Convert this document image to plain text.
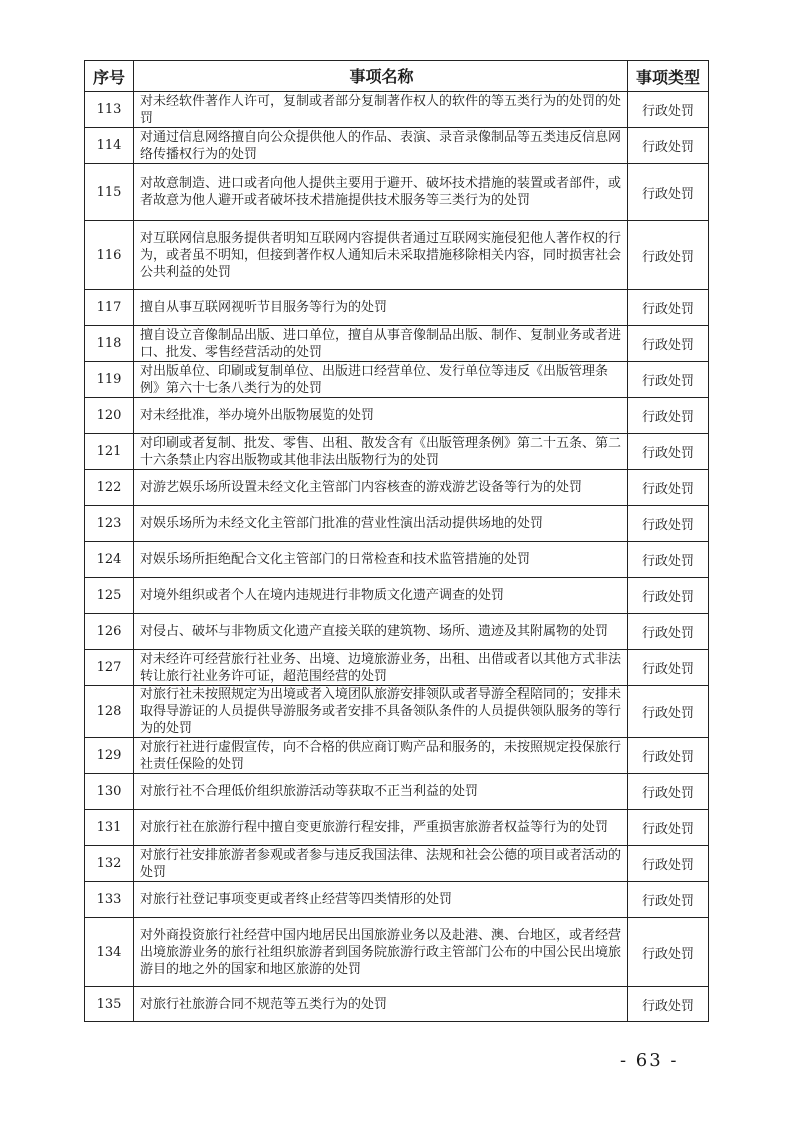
序号	事项名称	事项类型
113	对未经软件著作人许可，复制或者部分复制著作权人的软件的等五类行为的处罚的处罚	行政处罚
114	对通过信息网络擅自向公众提供他人的作品、表演、录音录像制品等五类违反信息网络传播权行为的处罚	行政处罚
115	对故意制造、进口或者向他人提供主要用于避开、破坏技术措施的装置或者部件，或者故意为他人避开或者破坏技术措施提供技术服务等三类行为的处罚	行政处罚
116	对互联网信息服务提供者明知互联网内容提供者通过互联网实施侵犯他人著作权的行为，或者虽不明知，但接到著作权人通知后未采取措施移除相关内容，同时损害社会公共利益的处罚	行政处罚
117	擅自从事互联网视听节目服务等行为的处罚	行政处罚
118	擅自设立音像制品出版、进口单位，擅自从事音像制品出版、制作、复制业务或者进口、批发、零售经营活动的处罚	行政处罚
119	对出版单位、印刷或复制单位、出版进口经营单位、发行单位等违反《出版管理条例》第六十七条八类行为的处罚	行政处罚
120	对未经批准，举办境外出版物展览的处罚	行政处罚
121	对印刷或者复制、批发、零售、出租、散发含有《出版管理条例》第二十五条、第二十六条禁止内容出版物或其他非法出版物行为的处罚	行政处罚
122	对游艺娱乐场所设置未经文化主管部门内容核查的游戏游艺设备等行为的处罚	行政处罚
123	对娱乐场所为未经文化主管部门批准的营业性演出活动提供场地的处罚	行政处罚
124	对娱乐场所拒绝配合文化主管部门的日常检查和技术监管措施的处罚	行政处罚
125	对境外组织或者个人在境内违规进行非物质文化遗产调查的处罚	行政处罚
126	对侵占、破坏与非物质文化遗产直接关联的建筑物、场所、遗迹及其附属物的处罚	行政处罚
127	对未经许可经营旅行社业务、出境、边境旅游业务，出租、出借或者以其他方式非法转让旅行社业务许可证，超范围经营的处罚	行政处罚
128	对旅行社未按照规定为出境或者入境团队旅游安排领队或者导游全程陪同的；安排未取得导游证的人员提供导游服务或者安排不具备领队条件的人员提供领队服务的等行为的处罚	行政处罚
129	对旅行社进行虚假宣传，向不合格的供应商订购产品和服务的，未按照规定投保旅行社责任保险的处罚	行政处罚
130	对旅行社不合理低价组织旅游活动等获取不正当利益的处罚	行政处罚
131	对旅行社在旅游行程中擅自变更旅游行程安排，严重损害旅游者权益等行为的处罚	行政处罚
132	对旅行社安排旅游者参观或者参与违反我国法律、法规和社会公德的项目或者活动的处罚	行政处罚
133	对旅行社登记事项变更或者终止经营等四类情形的处罚	行政处罚
134	对外商投资旅行社经营中国内地居民出国旅游业务以及赴港、澳、台地区，或者经营出境旅游业务的旅行社组织旅游者到国务院旅游行政主管部门公布的中国公民出境旅游目的地之外的国家和地区旅游的处罚	行政处罚
135	对旅行社旅游合同不规范等五类行为的处罚	行政处罚
- 63 -
